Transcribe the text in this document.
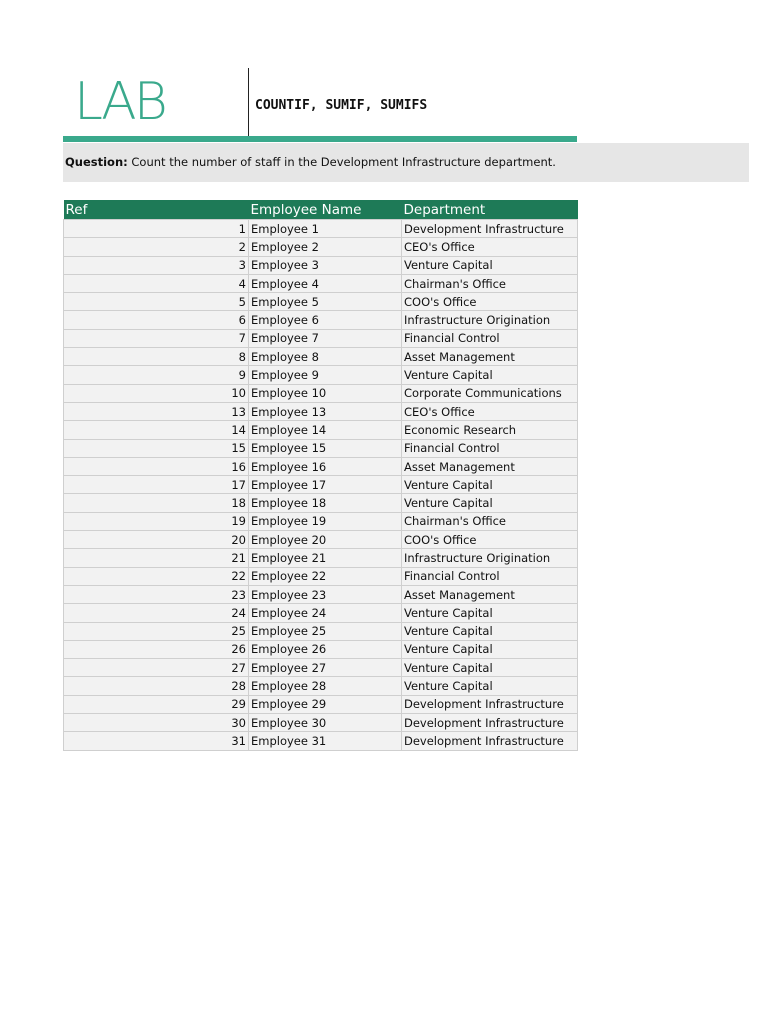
LAB	COUNTIF, SUMIF, SUMIFS
Question: Count the number of staff in the Development Infrastructure department.
Ref	Employee Name	Department
1	Employee 1	Development Infrastructure
2	Employee 2	CEO's Office
3	Employee 3	Venture Capital
4	Employee 4	Chairman's Office
5	Employee 5	COO's Office
6	Employee 6	Infrastructure Origination
7	Employee 7	Financial Control
8	Employee 8	Asset Management
9	Employee 9	Venture Capital
10	Employee 10	Corporate Communications
13	Employee 13	CEO's Office
14	Employee 14	Economic Research
15	Employee 15	Financial Control
16	Employee 16	Asset Management
17	Employee 17	Venture Capital
18	Employee 18	Venture Capital
19	Employee 19	Chairman's Office
20	Employee 20	COO's Office
21	Employee 21	Infrastructure Origination
22	Employee 22	Financial Control
23	Employee 23	Asset Management
24	Employee 24	Venture Capital
25	Employee 25	Venture Capital
26	Employee 26	Venture Capital
27	Employee 27	Venture Capital
28	Employee 28	Venture Capital
29	Employee 29	Development Infrastructure
30	Employee 30	Development Infrastructure
31	Employee 31	Development Infrastructure
